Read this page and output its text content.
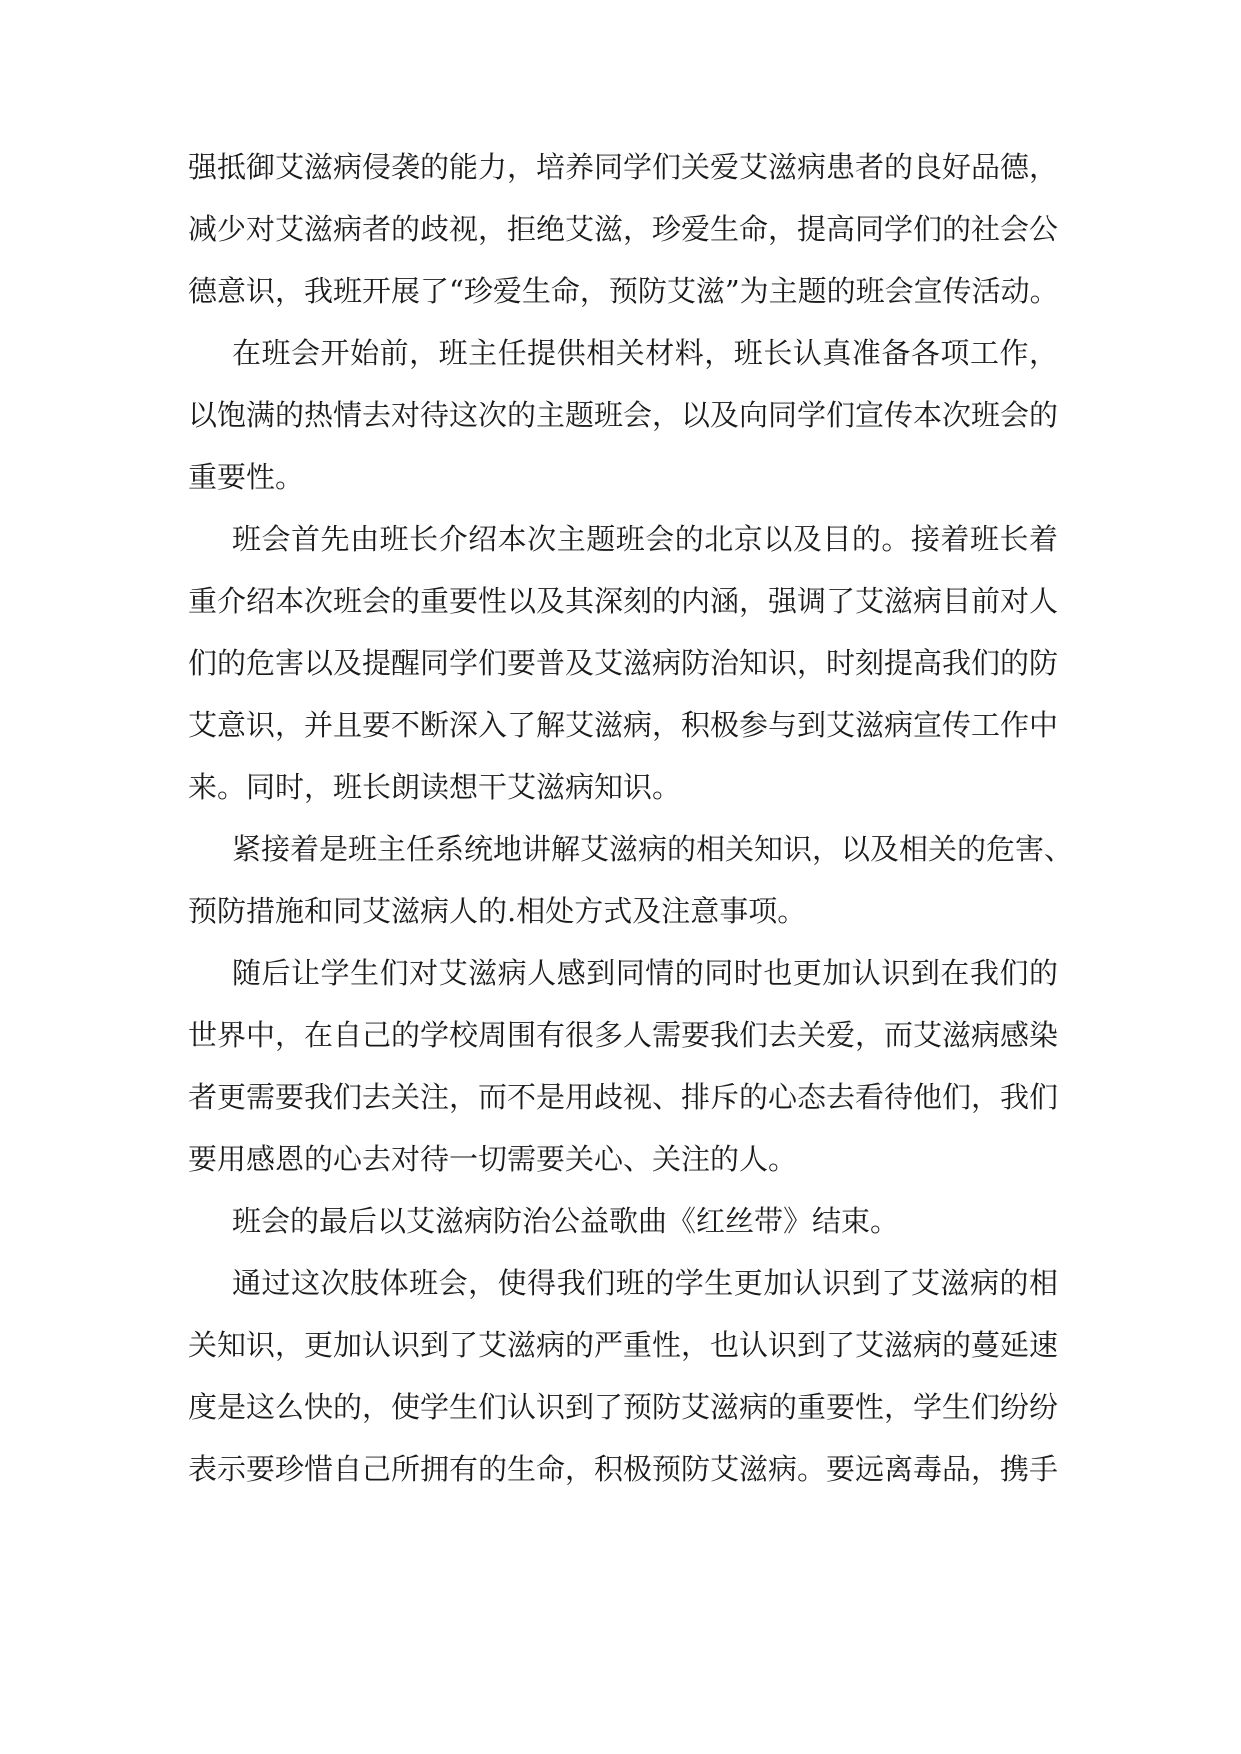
强抵御艾滋病侵袭的能力，培养同学们关爱艾滋病患者的良好品德，
减少对艾滋病者的歧视，拒绝艾滋，珍爱生命，提高同学们的社会公
德意识，我班开展了“珍爱生命，预防艾滋”为主题的班会宣传活动。
在班会开始前，班主任提供相关材料，班长认真准备各项工作，
以饱满的热情去对待这次的主题班会，以及向同学们宣传本次班会的
重要性。
班会首先由班长介绍本次主题班会的北京以及目的。接着班长着
重介绍本次班会的重要性以及其深刻的内涵，强调了艾滋病目前对人
们的危害以及提醒同学们要普及艾滋病防治知识，时刻提高我们的防
艾意识，并且要不断深入了解艾滋病，积极参与到艾滋病宣传工作中
来。同时，班长朗读想干艾滋病知识。
紧接着是班主任系统地讲解艾滋病的相关知识，以及相关的危害、
预防措施和同艾滋病人的.相处方式及注意事项。
随后让学生们对艾滋病人感到同情的同时也更加认识到在我们的
世界中，在自己的学校周围有很多人需要我们去关爱，而艾滋病感染
者更需要我们去关注，而不是用歧视、排斥的心态去看待他们，我们
要用感恩的心去对待一切需要关心、关注的人。
班会的最后以艾滋病防治公益歌曲《红丝带》结束。
通过这次肢体班会，使得我们班的学生更加认识到了艾滋病的相
关知识，更加认识到了艾滋病的严重性，也认识到了艾滋病的蔓延速
度是这么快的，使学生们认识到了预防艾滋病的重要性，学生们纷纷
表示要珍惜自己所拥有的生命，积极预防艾滋病。要远离毒品，携手
